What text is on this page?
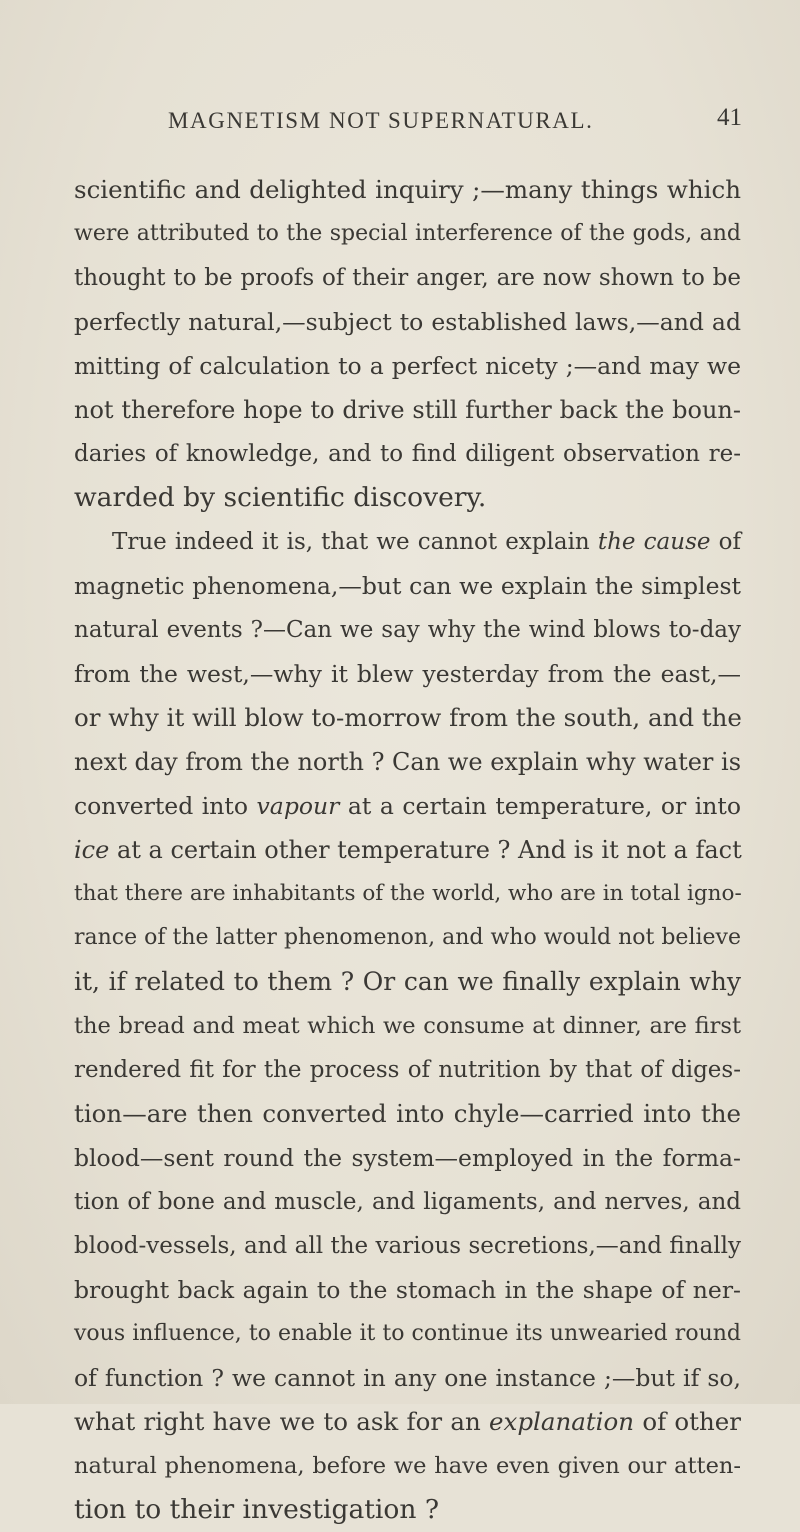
MAGNETISM NOT SUPERNATURAL.	41
scientific and delighted inquiry ;—many things which
were attributed to the special interference of the gods, and
thought to be proofs of their anger, are now shown to be
perfectly natural,—subject to established laws,—and ad
mitting of calculation to a perfect nicety ;—and may we
not therefore hope to drive still further back the boun-
daries of knowledge, and to find diligent observation re-
warded by scientific discovery.
True indeed it is, that we cannot explain the cause of
magnetic phenomena,—but can we explain the simplest
natural events ?—Can we say why the wind blows to-day
from the west,—why it blew yesterday from the east,—
or why it will blow to-morrow from the south, and the
next day from the north ? Can we explain why water is
converted into vapour at a certain temperature, or into
ice at a certain other temperature ? And is it not a fact
that there are inhabitants of the world, who are in total igno-
rance of the latter phenomenon, and who would not believe
it, if related to them ? Or can we finally explain why
the bread and meat which we consume at dinner, are first
rendered fit for the process of nutrition by that of diges-
tion—are then converted into chyle—carried into the
blood—sent round the system—employed in the forma-
tion of bone and muscle, and ligaments, and nerves, and
blood-vessels, and all the various secretions,—and finally
brought back again to the stomach in the shape of ner-
vous influence, to enable it to continue its unwearied round
of function ? we cannot in any one instance ;—but if so,
what right have we to ask for an explanation of other
natural phenomena, before we have even given our atten-
tion to their investigation ?
